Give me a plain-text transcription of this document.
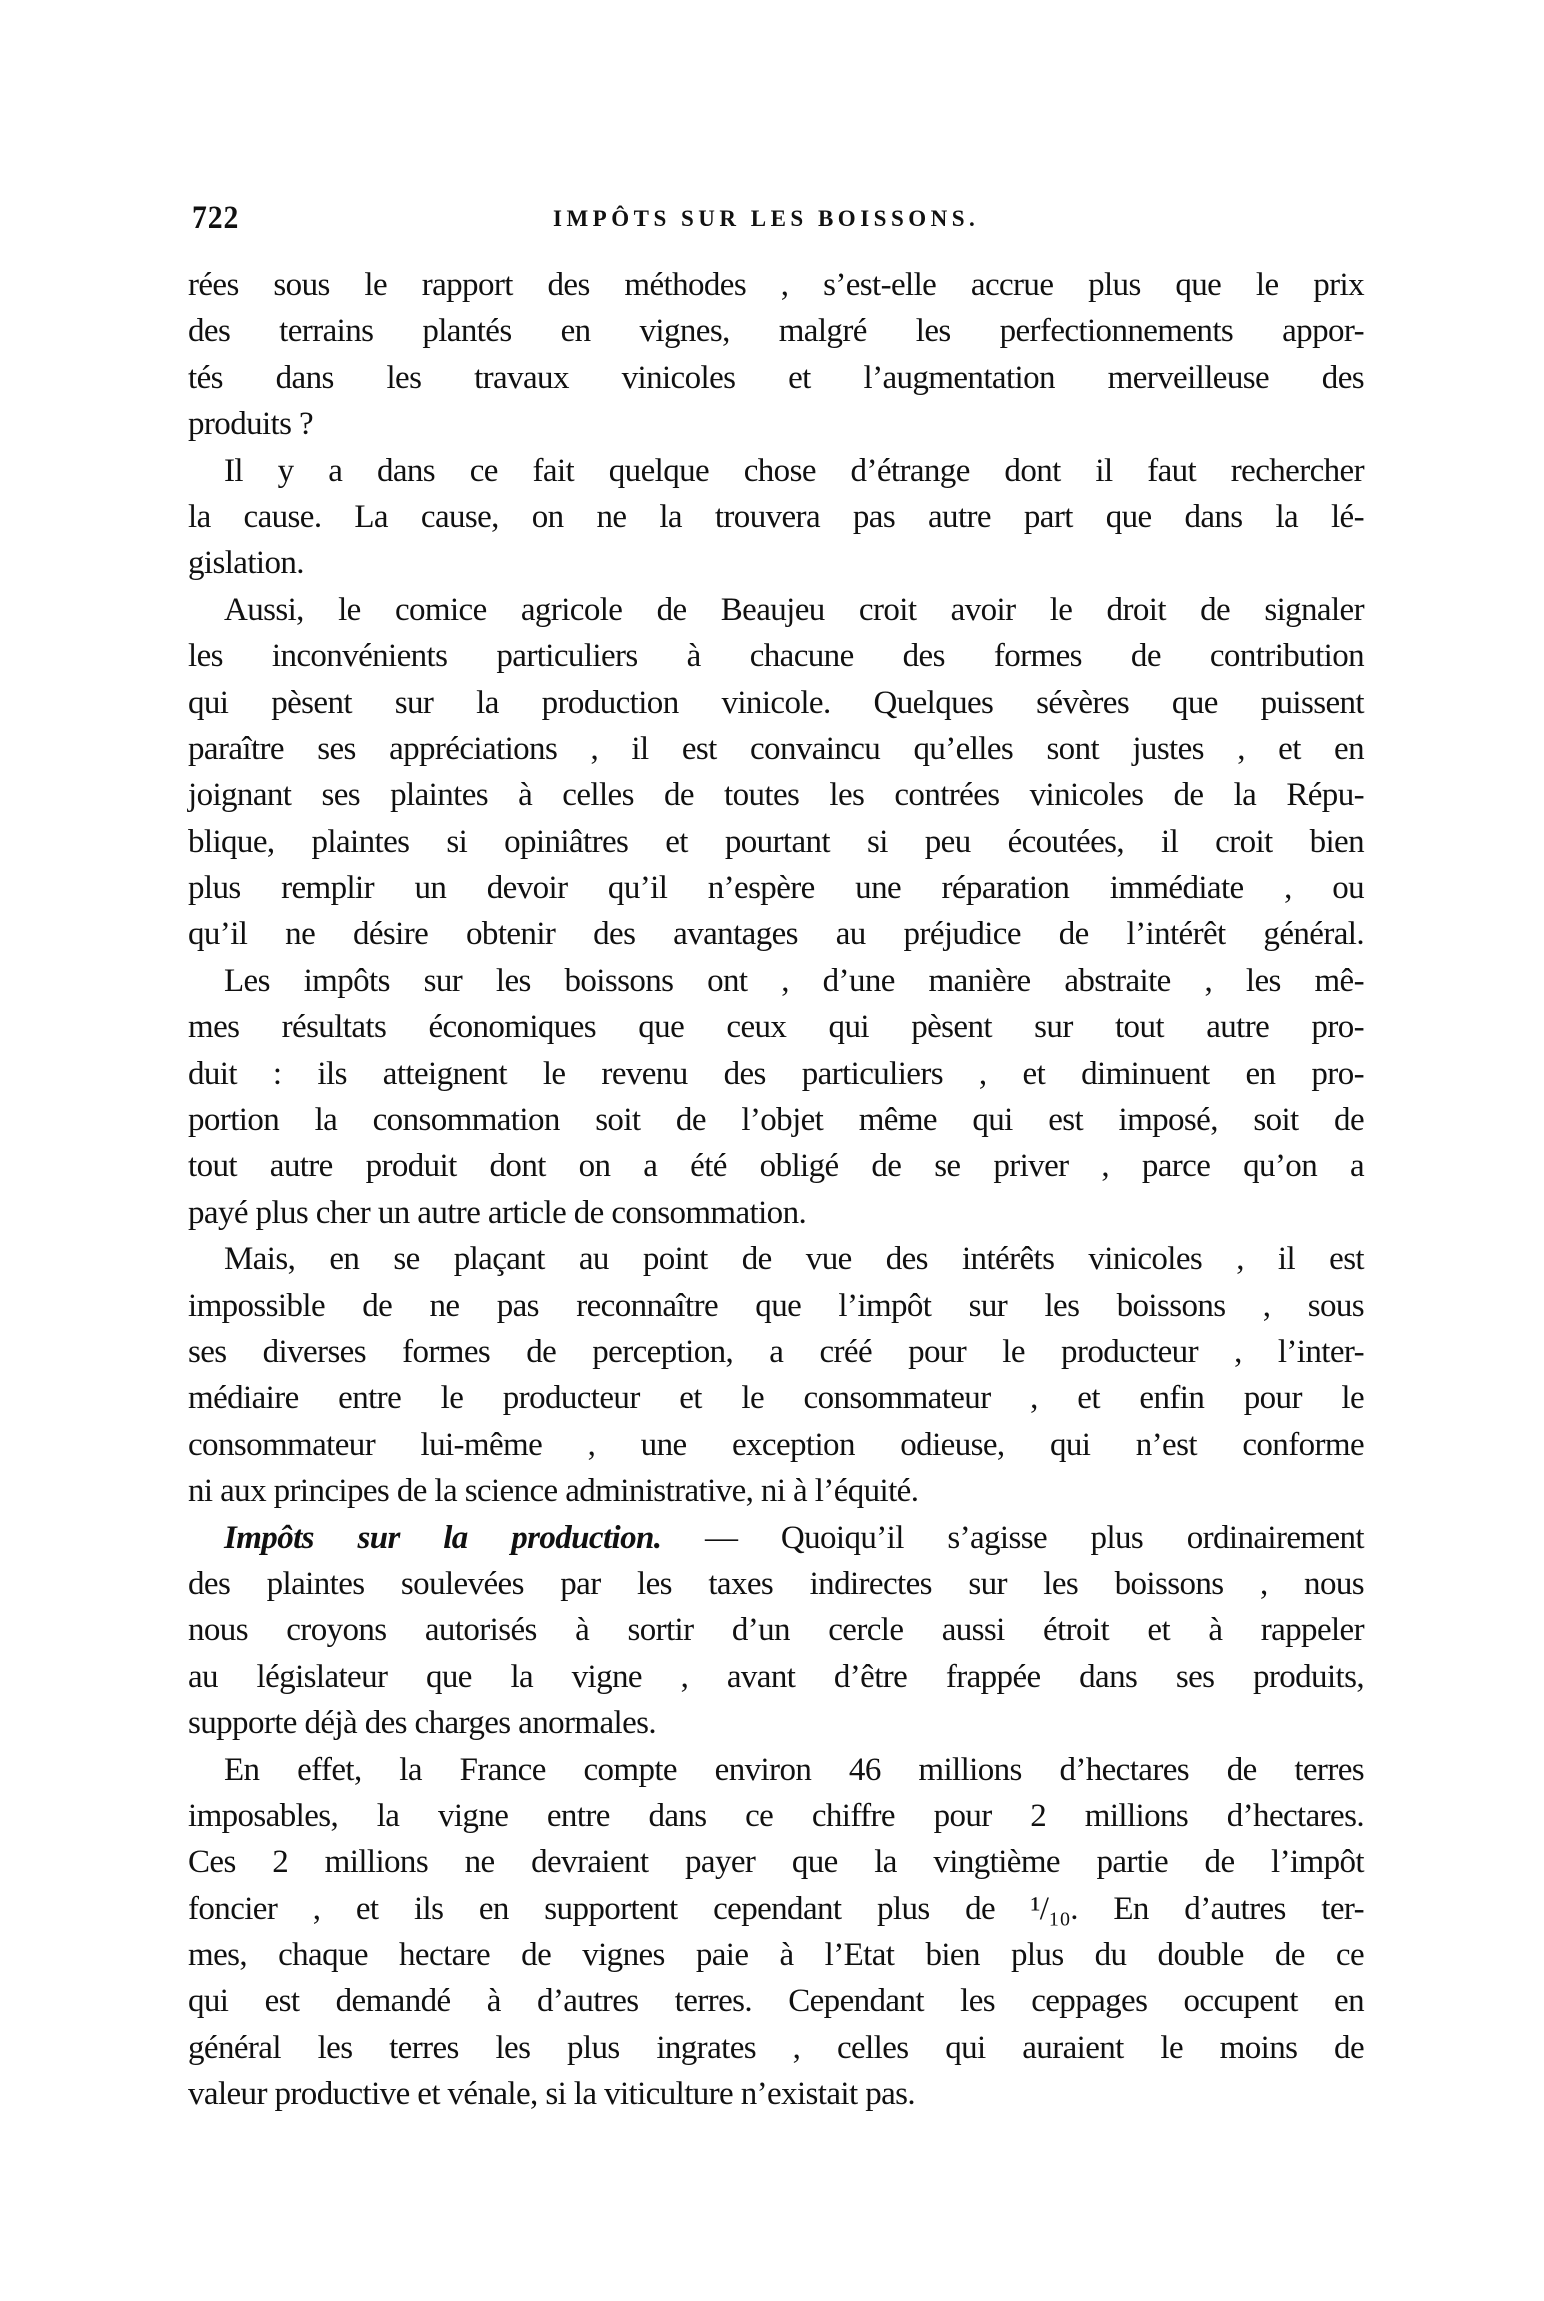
722	IMPÔTS SUR LES BOISSONS.
rées sous le rapport des méthodes , s’est-elle accrue plus que le prix
des terrains plantés en vignes, malgré les perfectionnements appor-
tés dans les travaux vinicoles et l’augmentation merveilleuse des
produits ?
Il y a dans ce fait quelque chose d’étrange dont il faut rechercher
la cause. La cause, on ne la trouvera pas autre part que dans la lé-
gislation.
Aussi, le comice agricole de Beaujeu croit avoir le droit de signaler
les inconvénients particuliers à chacune des formes de contribution
qui pèsent sur la production vinicole. Quelques sévères que puissent
paraître ses appréciations , il est convaincu qu’elles sont justes , et en
joignant ses plaintes à celles de toutes les contrées vinicoles de la Répu-
blique, plaintes si opiniâtres et pourtant si peu écoutées, il croit bien
plus remplir un devoir qu’il n’espère une réparation immédiate , ou
qu’il ne désire obtenir des avantages au préjudice de l’intérêt général.
Les impôts sur les boissons ont , d’une manière abstraite , les mê-
mes résultats économiques que ceux qui pèsent sur tout autre pro-
duit : ils atteignent le revenu des particuliers , et diminuent en pro-
portion la consommation soit de l’objet même qui est imposé, soit de
tout autre produit dont on a été obligé de se priver , parce qu’on a
payé plus cher un autre article de consommation.
Mais, en se plaçant au point de vue des intérêts vinicoles , il est
impossible de ne pas reconnaître que l’impôt sur les boissons , sous
ses diverses formes de perception, a créé pour le producteur , l’inter-
médiaire entre le producteur et le consommateur , et enfin pour le
consommateur lui-même , une exception odieuse, qui n’est conforme
ni aux principes de la science administrative, ni à l’équité.
Impôts sur la production. — Quoiqu’il s’agisse plus ordinairement
des plaintes soulevées par les taxes indirectes sur les boissons , nous
nous croyons autorisés à sortir d’un cercle aussi étroit et à rappeler
au législateur que la vigne , avant d’être frappée dans ses produits,
supporte déjà des charges anormales.
En effet, la France compte environ 46 millions d’hectares de terres
imposables, la vigne entre dans ce chiffre pour 2 millions d’hectares.
Ces 2 millions ne devraient payer que la vingtième partie de l’impôt
foncier , et ils en supportent cependant plus de ¹/₁₀. En d’autres ter-
mes, chaque hectare de vignes paie à l’Etat bien plus du double de ce
qui est demandé à d’autres terres. Cependant les ceppages occupent en
général les terres les plus ingrates , celles qui auraient le moins de
valeur productive et vénale, si la viticulture n’existait pas.
